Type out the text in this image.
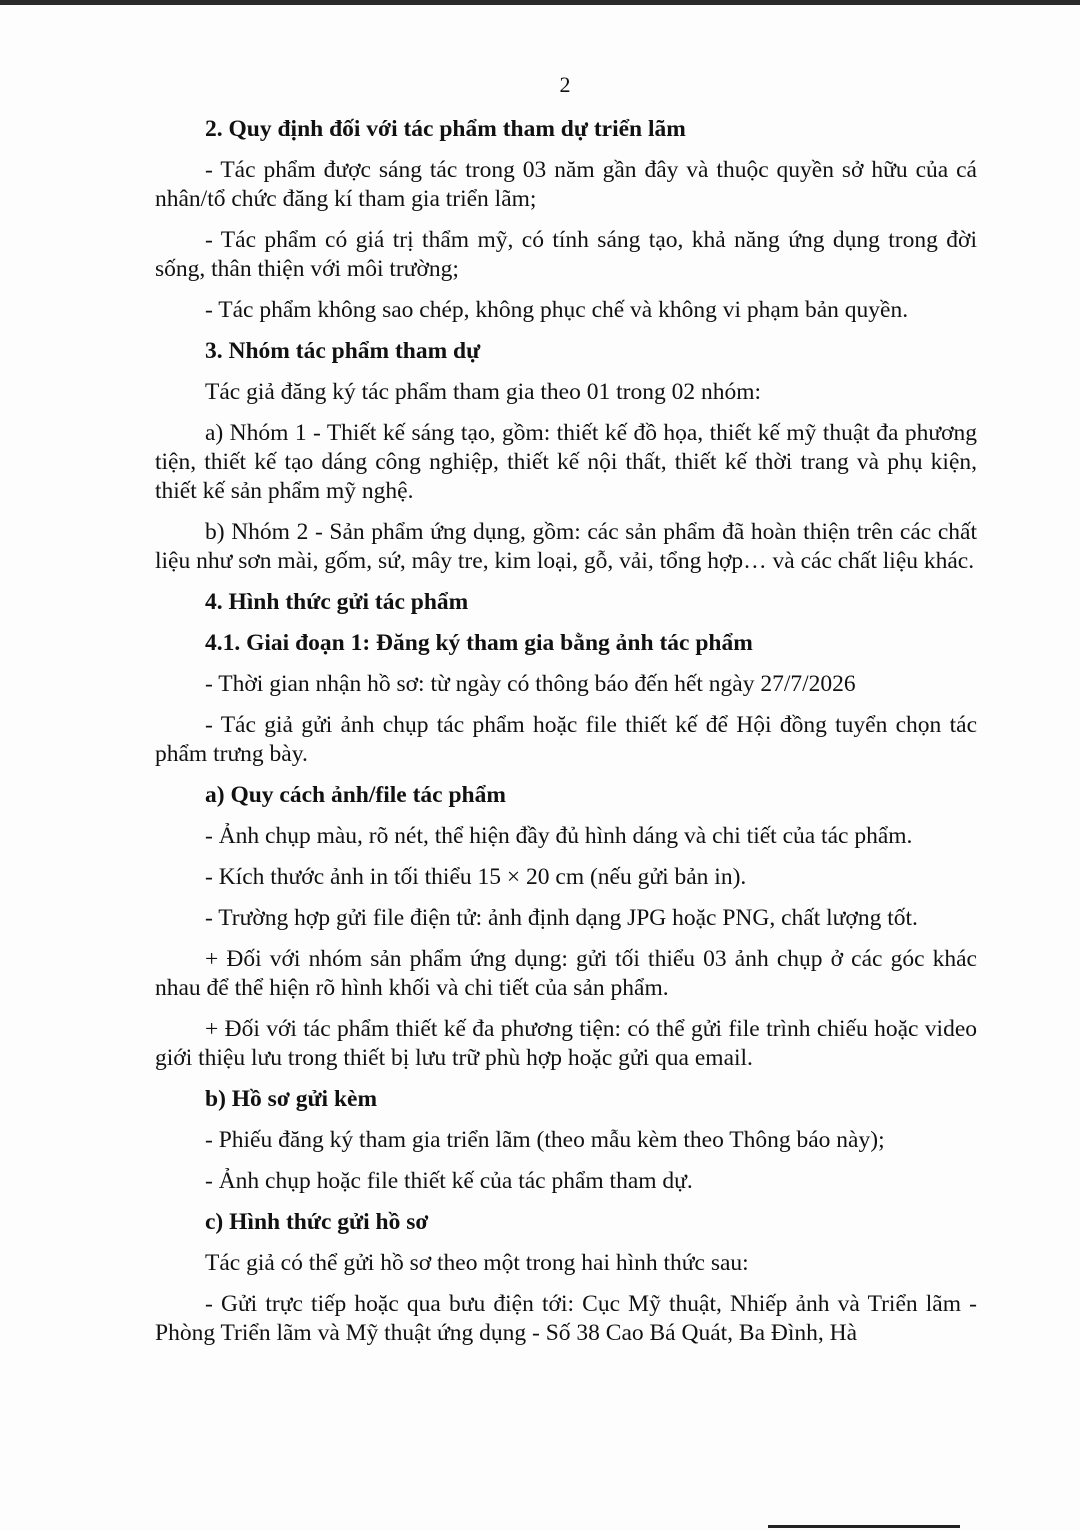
2
2. Quy định đối với tác phẩm tham dự triển lãm
- Tác phẩm được sáng tác trong 03 năm gần đây và thuộc quyền sở hữu của cá nhân/tổ chức đăng kí tham gia triển lãm;
- Tác phẩm có giá trị thẩm mỹ, có tính sáng tạo, khả năng ứng dụng trong đời sống, thân thiện với môi trường;
- Tác phẩm không sao chép, không phục chế và không vi phạm bản quyền.
3. Nhóm tác phẩm tham dự
Tác giả đăng ký tác phẩm tham gia theo 01 trong 02 nhóm:
a) Nhóm 1 - Thiết kế sáng tạo, gồm: thiết kế đồ họa, thiết kế mỹ thuật đa phương tiện, thiết kế tạo dáng công nghiệp, thiết kế nội thất, thiết kế thời trang và phụ kiện, thiết kế sản phẩm mỹ nghệ.
b) Nhóm 2 - Sản phẩm ứng dụng, gồm: các sản phẩm đã hoàn thiện trên các chất liệu như sơn mài, gốm, sứ, mây tre, kim loại, gỗ, vải, tổng hợp… và các chất liệu khác.
4. Hình thức gửi tác phẩm
4.1. Giai đoạn 1: Đăng ký tham gia bằng ảnh tác phẩm
- Thời gian nhận hồ sơ: từ ngày có thông báo đến hết ngày 27/7/2026
- Tác giả gửi ảnh chụp tác phẩm hoặc file thiết kế để Hội đồng tuyển chọn tác phẩm trưng bày.
a) Quy cách ảnh/file tác phẩm
- Ảnh chụp màu, rõ nét, thể hiện đầy đủ hình dáng và chi tiết của tác phẩm.
- Kích thước ảnh in tối thiểu 15 × 20 cm (nếu gửi bản in).
- Trường hợp gửi file điện tử: ảnh định dạng JPG hoặc PNG, chất lượng tốt.
+ Đối với nhóm sản phẩm ứng dụng: gửi tối thiểu 03 ảnh chụp ở các góc khác nhau để thể hiện rõ hình khối và chi tiết của sản phẩm.
+ Đối với tác phẩm thiết kế đa phương tiện: có thể gửi file trình chiếu hoặc video giới thiệu lưu trong thiết bị lưu trữ phù hợp hoặc gửi qua email.
b) Hồ sơ gửi kèm
- Phiếu đăng ký tham gia triển lãm (theo mẫu kèm theo Thông báo này);
- Ảnh chụp hoặc file thiết kế của tác phẩm tham dự.
c) Hình thức gửi hồ sơ
Tác giả có thể gửi hồ sơ theo một trong hai hình thức sau:
- Gửi trực tiếp hoặc qua bưu điện tới: Cục Mỹ thuật, Nhiếp ảnh và Triển lãm - Phòng Triển lãm và Mỹ thuật ứng dụng - Số 38 Cao Bá Quát, Ba Đình, Hà
